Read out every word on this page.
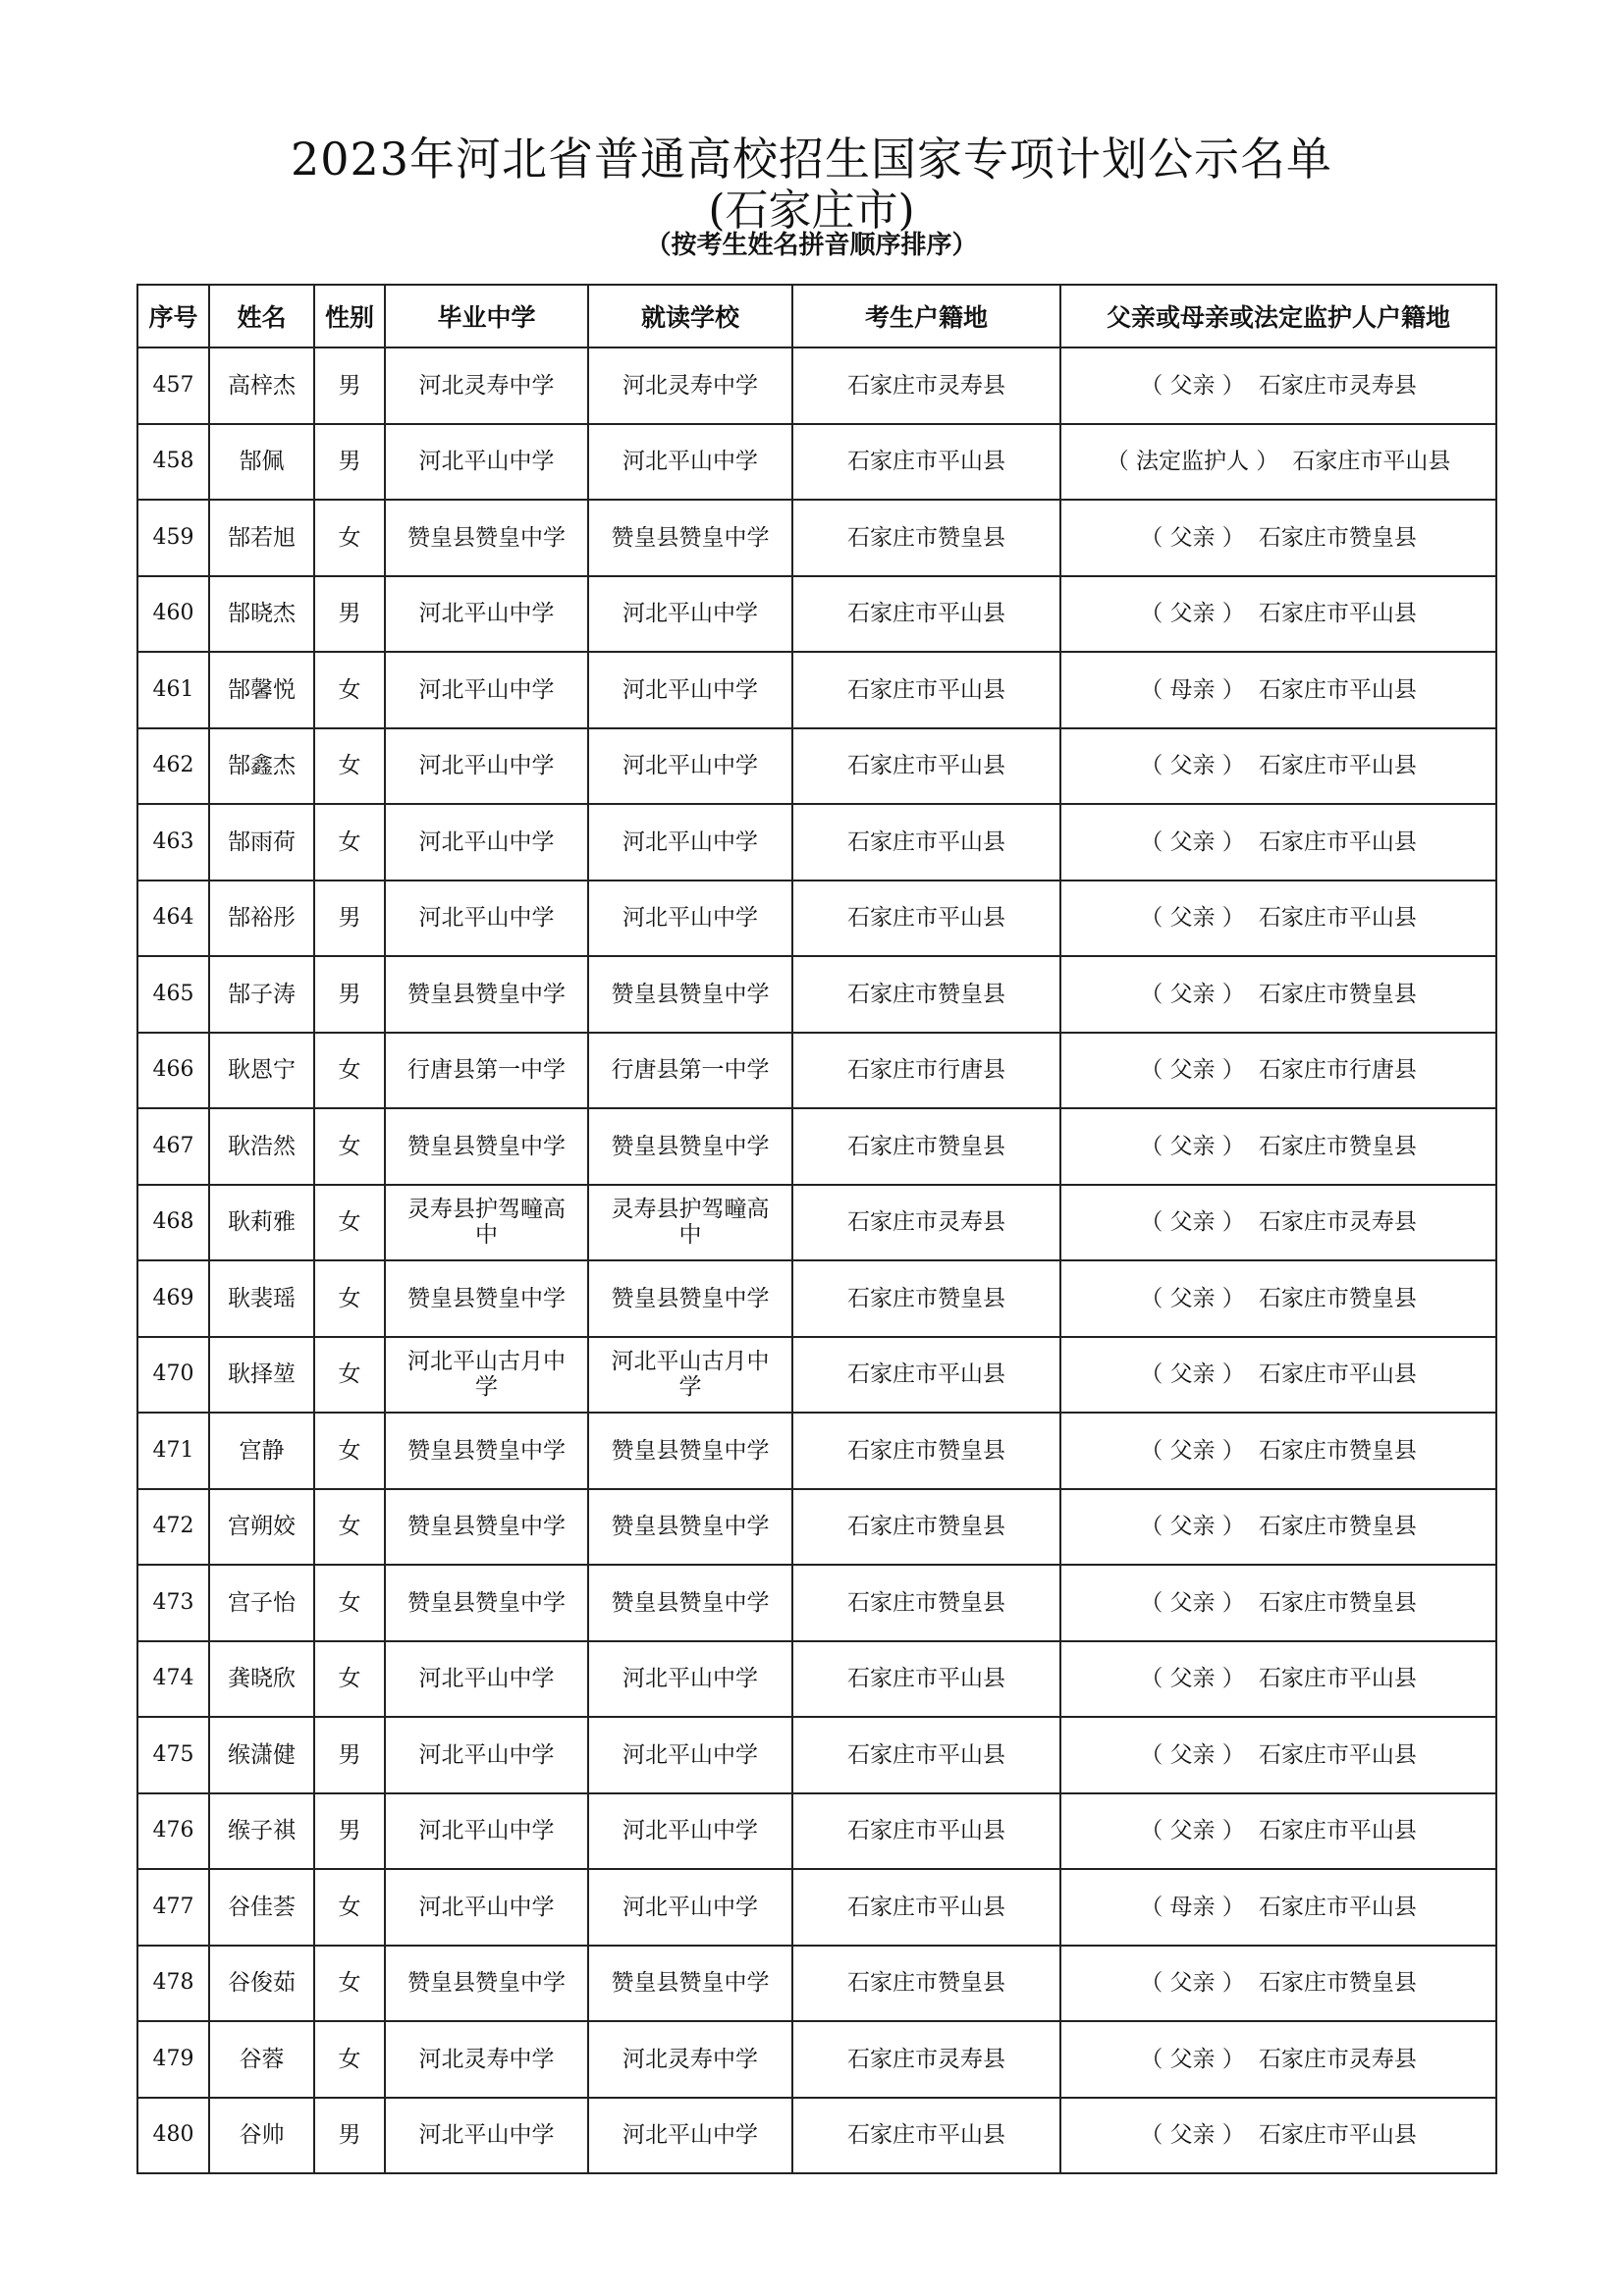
2023年河北省普通高校招生国家专项计划公示名单
(石家庄市)
（按考生姓名拼音顺序排序）
序号	姓名	性别	毕业中学	就读学校	考生户籍地	父亲或母亲或法定监护人户籍地
457	高梓杰	男	河北灵寿中学	河北灵寿中学	石家庄市灵寿县	（ 父亲 ） 石家庄市灵寿县
458	郜佩	男	河北平山中学	河北平山中学	石家庄市平山县	（ 法定监护人 ） 石家庄市平山县
459	郜若旭	女	赞皇县赞皇中学	赞皇县赞皇中学	石家庄市赞皇县	（ 父亲 ） 石家庄市赞皇县
460	郜晓杰	男	河北平山中学	河北平山中学	石家庄市平山县	（ 父亲 ） 石家庄市平山县
461	郜馨悦	女	河北平山中学	河北平山中学	石家庄市平山县	（ 母亲 ） 石家庄市平山县
462	郜鑫杰	女	河北平山中学	河北平山中学	石家庄市平山县	（ 父亲 ） 石家庄市平山县
463	郜雨荷	女	河北平山中学	河北平山中学	石家庄市平山县	（ 父亲 ） 石家庄市平山县
464	郜裕彤	男	河北平山中学	河北平山中学	石家庄市平山县	（ 父亲 ） 石家庄市平山县
465	郜子涛	男	赞皇县赞皇中学	赞皇县赞皇中学	石家庄市赞皇县	（ 父亲 ） 石家庄市赞皇县
466	耿恩宁	女	行唐县第一中学	行唐县第一中学	石家庄市行唐县	（ 父亲 ） 石家庄市行唐县
467	耿浩然	女	赞皇县赞皇中学	赞皇县赞皇中学	石家庄市赞皇县	（ 父亲 ） 石家庄市赞皇县
468	耿莉雅	女	灵寿县护驾疃高中	灵寿县护驾疃高中	石家庄市灵寿县	（ 父亲 ） 石家庄市灵寿县
469	耿裴瑶	女	赞皇县赞皇中学	赞皇县赞皇中学	石家庄市赞皇县	（ 父亲 ） 石家庄市赞皇县
470	耿择堃	女	河北平山古月中学	河北平山古月中学	石家庄市平山县	（ 父亲 ） 石家庄市平山县
471	宫静	女	赞皇县赞皇中学	赞皇县赞皇中学	石家庄市赞皇县	（ 父亲 ） 石家庄市赞皇县
472	宫朔姣	女	赞皇县赞皇中学	赞皇县赞皇中学	石家庄市赞皇县	（ 父亲 ） 石家庄市赞皇县
473	宫子怡	女	赞皇县赞皇中学	赞皇县赞皇中学	石家庄市赞皇县	（ 父亲 ） 石家庄市赞皇县
474	龚晓欣	女	河北平山中学	河北平山中学	石家庄市平山县	（ 父亲 ） 石家庄市平山县
475	缑潇健	男	河北平山中学	河北平山中学	石家庄市平山县	（ 父亲 ） 石家庄市平山县
476	缑子祺	男	河北平山中学	河北平山中学	石家庄市平山县	（ 父亲 ） 石家庄市平山县
477	谷佳荟	女	河北平山中学	河北平山中学	石家庄市平山县	（ 母亲 ） 石家庄市平山县
478	谷俊茹	女	赞皇县赞皇中学	赞皇县赞皇中学	石家庄市赞皇县	（ 父亲 ） 石家庄市赞皇县
479	谷蓉	女	河北灵寿中学	河北灵寿中学	石家庄市灵寿县	（ 父亲 ） 石家庄市灵寿县
480	谷帅	男	河北平山中学	河北平山中学	石家庄市平山县	（ 父亲 ） 石家庄市平山县
